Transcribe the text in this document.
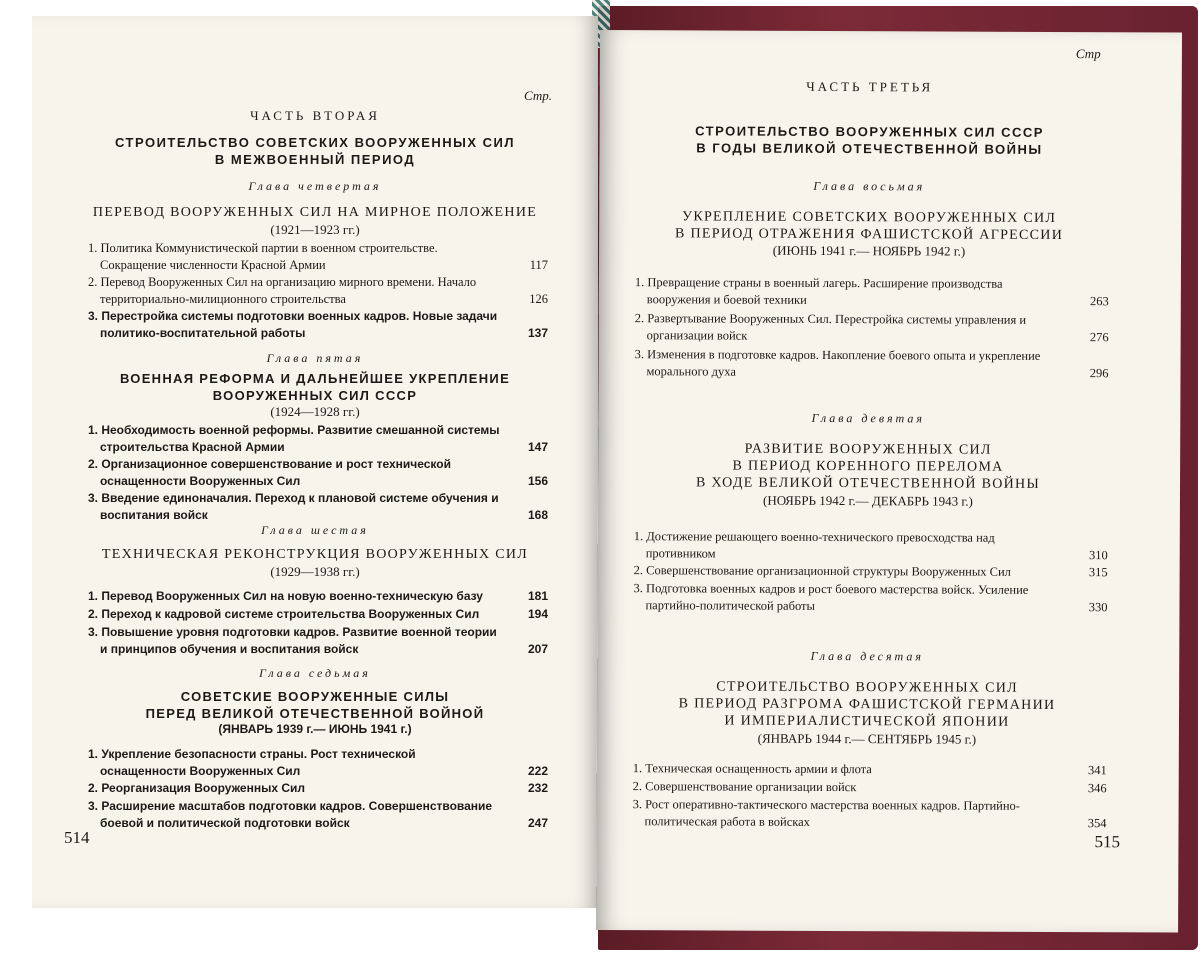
Стр.
ЧАСТЬ ВТОРАЯ
СТРОИТЕЛЬСТВО СОВЕТСКИХ ВООРУЖЕННЫХ СИЛ
В МЕЖВОЕННЫЙ ПЕРИОД
Глава четвертая
ПЕРЕВОД ВООРУЖЕННЫХ СИЛ НА МИРНОЕ ПОЛОЖЕНИЕ
(1921—1923 гг.)
1. Политика Коммунистической партии в военном строительстве. Сокращение численности Красной Армии	117
2. Перевод Вооруженных Сил на организацию мирного времени. Начало территориально-милиционного строительства	126
3. Перестройка системы подготовки военных кадров. Новые задачи политико-воспитательной работы	137
Глава пятая
ВОЕННАЯ РЕФОРМА И ДАЛЬНЕЙШЕЕ УКРЕПЛЕНИЕ
ВООРУЖЕННЫХ СИЛ СССР
(1924—1928 гг.)
1. Необходимость военной реформы. Развитие смешанной системы строительства Красной Армии	147
2. Организационное совершенствование и рост технической оснащенности Вооруженных Сил	156
3. Введение единоначалия. Переход к плановой системе обучения и воспитания войск	168
Глава шестая
ТЕХНИЧЕСКАЯ РЕКОНСТРУКЦИЯ ВООРУЖЕННЫХ СИЛ
(1929—1938 гг.)
1. Перевод Вооруженных Сил на новую военно-техническую базу	181
2. Переход к кадровой системе строительства Вооруженных Сил	194
3. Повышение уровня подготовки кадров. Развитие военной теории и принципов обучения и воспитания войск	207
Глава седьмая
СОВЕТСКИЕ ВООРУЖЕННЫЕ СИЛЫ
ПЕРЕД ВЕЛИКОЙ ОТЕЧЕСТВЕННОЙ ВОЙНОЙ
(ЯНВАРЬ 1939 г.— ИЮНЬ 1941 г.)
1. Укрепление безопасности страны. Рост технической оснащенности Вооруженных Сил	222
2. Реорганизация Вооруженных Сил	232
3. Расширение масштабов подготовки кадров. Совершенствование боевой и политической подготовки войск	247
514
Стр
ЧАСТЬ ТРЕТЬЯ
СТРОИТЕЛЬСТВО ВООРУЖЕННЫХ СИЛ СССР
В ГОДЫ ВЕЛИКОЙ ОТЕЧЕСТВЕННОЙ ВОЙНЫ
Глава восьмая
УКРЕПЛЕНИЕ СОВЕТСКИХ ВООРУЖЕННЫХ СИЛ
В ПЕРИОД ОТРАЖЕНИЯ ФАШИСТСКОЙ АГРЕССИИ
(ИЮНЬ 1941 г.— НОЯБРЬ 1942 г.)
1. Превращение страны в военный лагерь. Расширение производства вооружения и боевой техники	263
2. Развертывание Вооруженных Сил. Перестройка системы управления и организации войск	276
3. Изменения в подготовке кадров. Накопление боевого опыта и укрепление морального духа	296
Глава девятая
РАЗВИТИЕ ВООРУЖЕННЫХ СИЛ
В ПЕРИОД КОРЕННОГО ПЕРЕЛОМА
В ХОДЕ ВЕЛИКОЙ ОТЕЧЕСТВЕННОЙ ВОЙНЫ
(НОЯБРЬ 1942 г.— ДЕКАБРЬ 1943 г.)
1. Достижение решающего военно-технического превосходства над противником	310
2. Совершенствование организационной структуры Вооруженных Сил	315
3. Подготовка военных кадров и рост боевого мастерства войск. Усиление партийно-политической работы	330
Глава десятая
СТРОИТЕЛЬСТВО ВООРУЖЕННЫХ СИЛ
В ПЕРИОД РАЗГРОМА ФАШИСТСКОЙ ГЕРМАНИИ
И ИМПЕРИАЛИСТИЧЕСКОЙ ЯПОНИИ
(ЯНВАРЬ 1944 г.— СЕНТЯБРЬ 1945 г.)
1. Техническая оснащенность армии и флота	341
2. Совершенствование организации войск	346
3. Рост оперативно-тактического мастерства военных кадров. Партийно-политическая работа в войсках	354
515
